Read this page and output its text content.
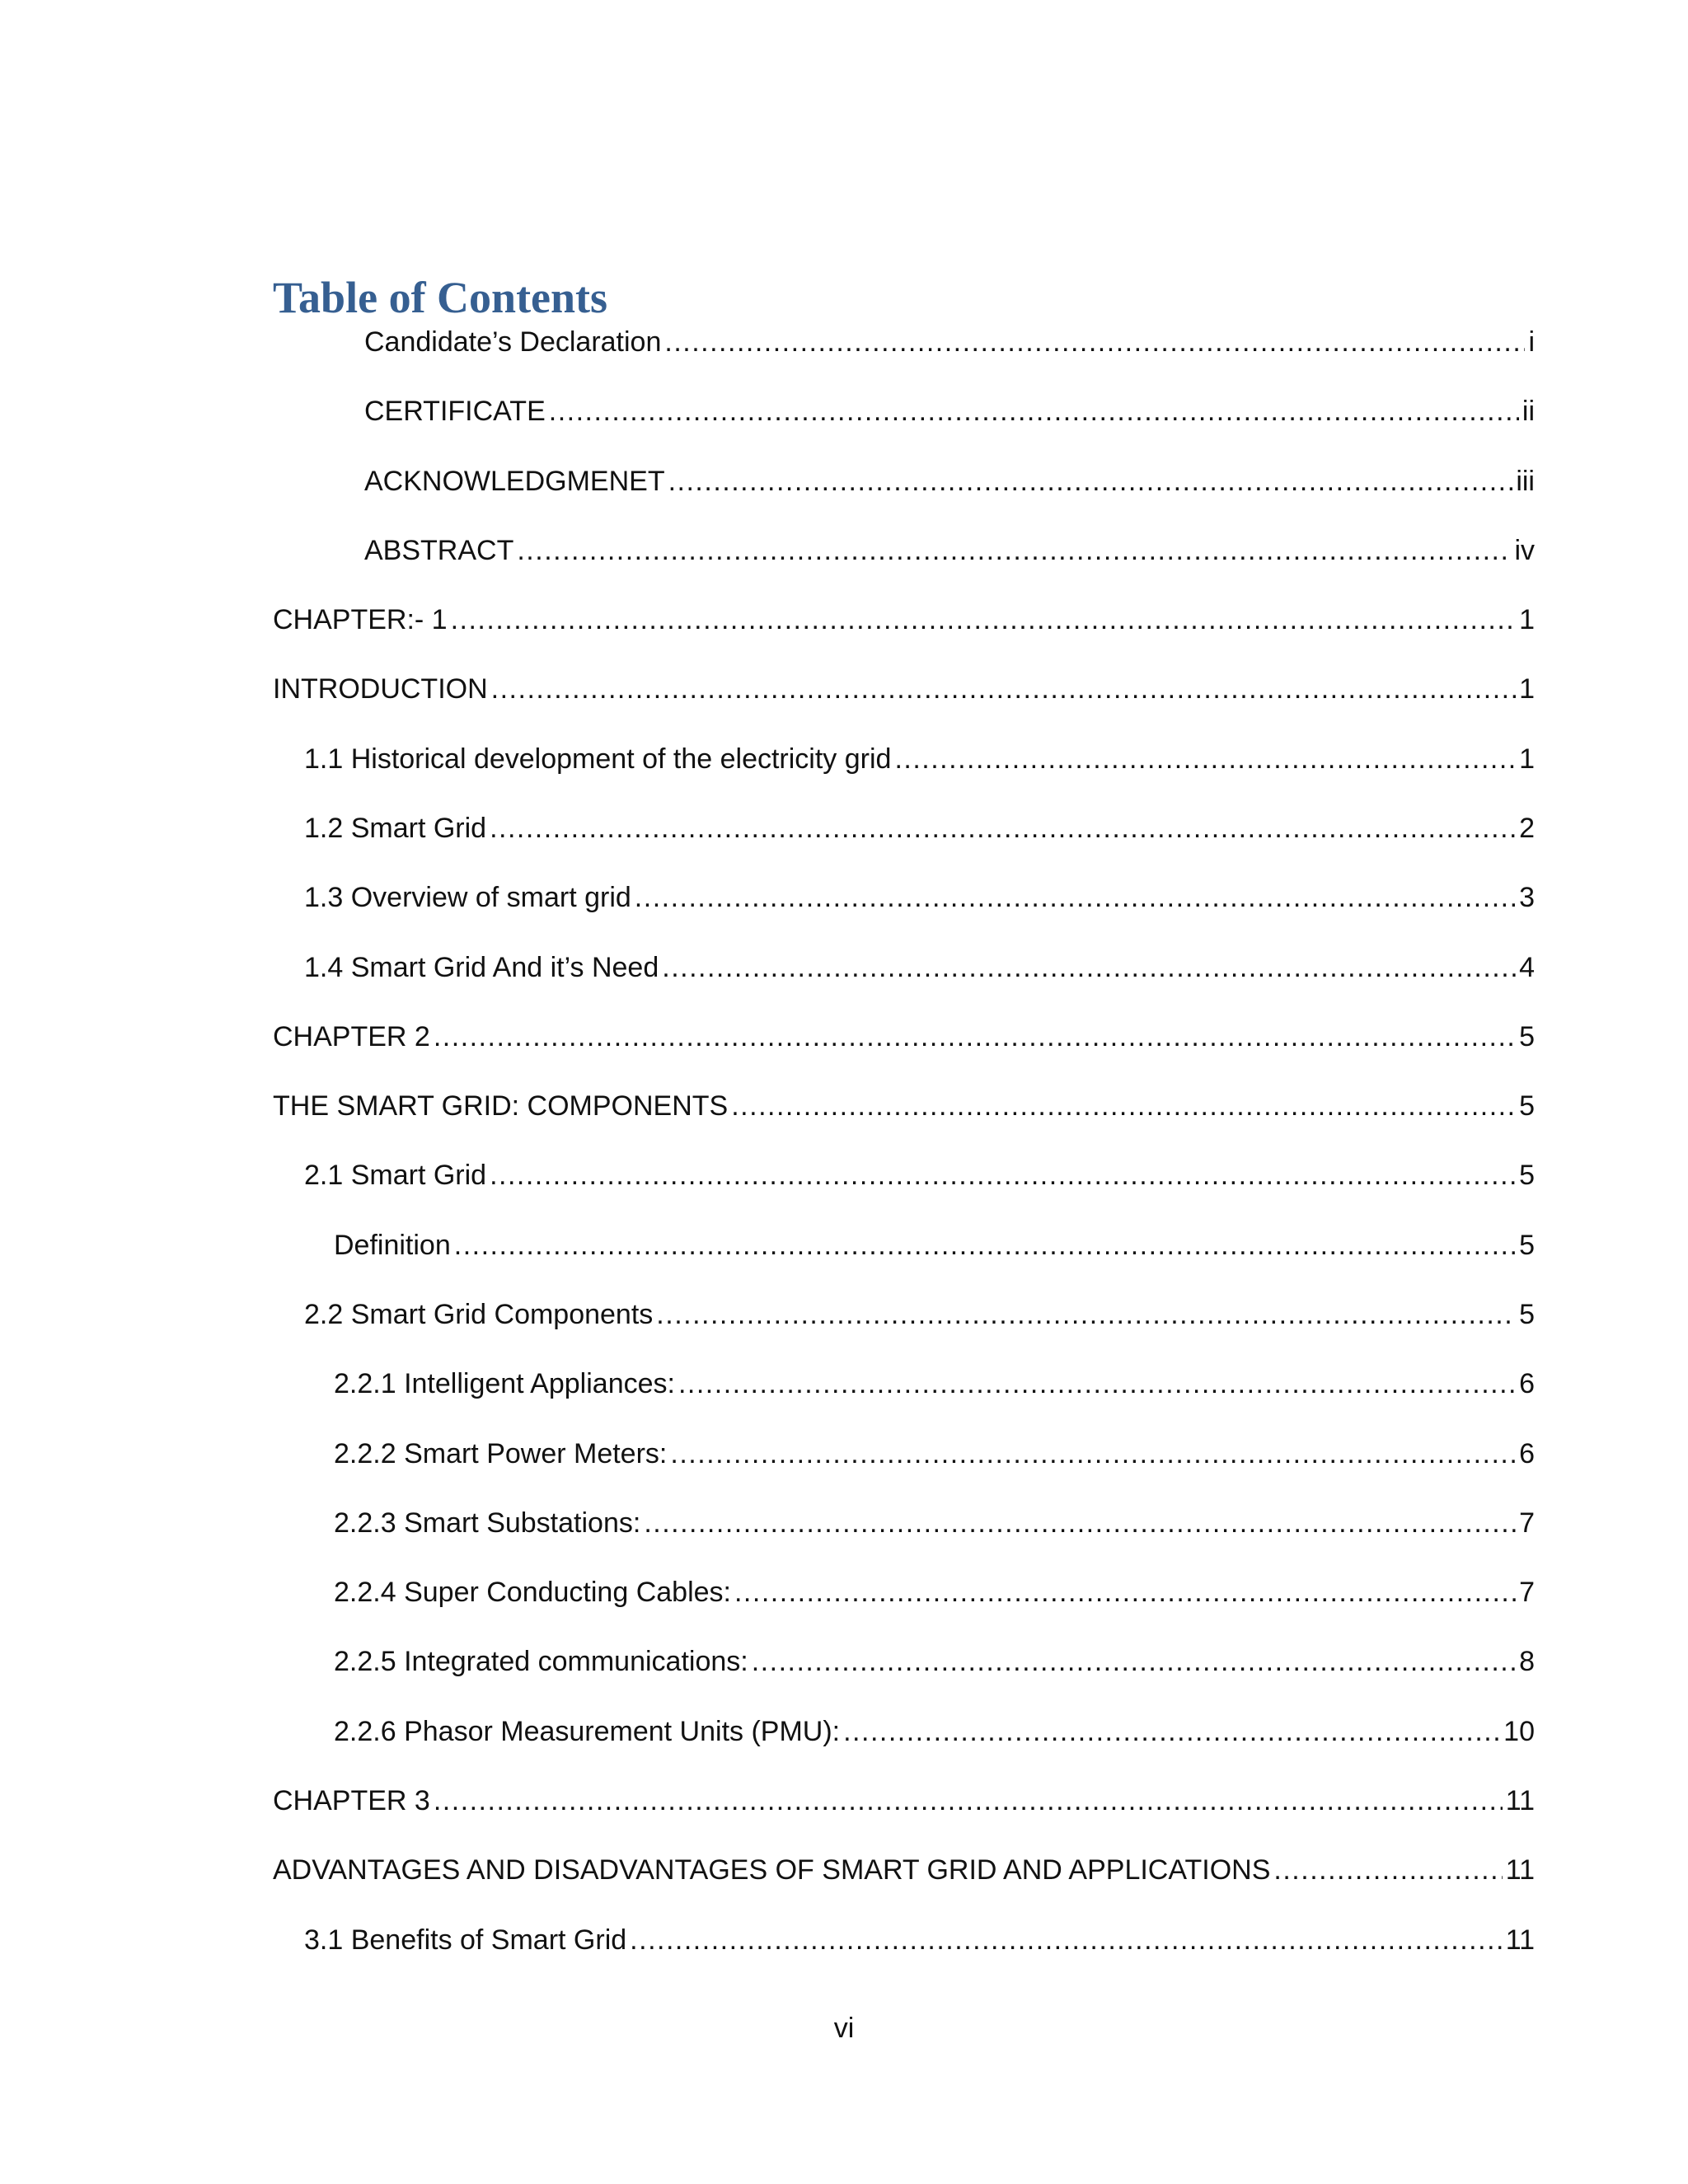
Table of Contents
Candidate’s Declaration .....	i
CERTIFICATE .....	ii
ACKNOWLEDGMENET .....	iii
ABSTRACT .....	iv
CHAPTER:- 1 .....	1
INTRODUCTION .....	1
1.1 Historical development of the electricity grid .....	1
1.2 Smart Grid .....	2
1.3 Overview of smart grid .....	3
1.4 Smart Grid And it’s Need .....	4
CHAPTER 2 .....	5
THE SMART GRID: COMPONENTS .....	5
2.1 Smart Grid .....	5
Definition .....	5
2.2 Smart Grid Components .....	5
2.2.1 Intelligent Appliances: .....	6
2.2.2 Smart Power Meters: .....	6
2.2.3 Smart Substations: .....	7
2.2.4 Super Conducting Cables: .....	7
2.2.5 Integrated communications: .....	8
2.2.6 Phasor Measurement Units (PMU): .....	10
CHAPTER 3 .....	11
ADVANTAGES AND DISADVANTAGES OF SMART GRID AND APPLICATIONS .....	11
3.1 Benefits of Smart Grid .....	11
vi
